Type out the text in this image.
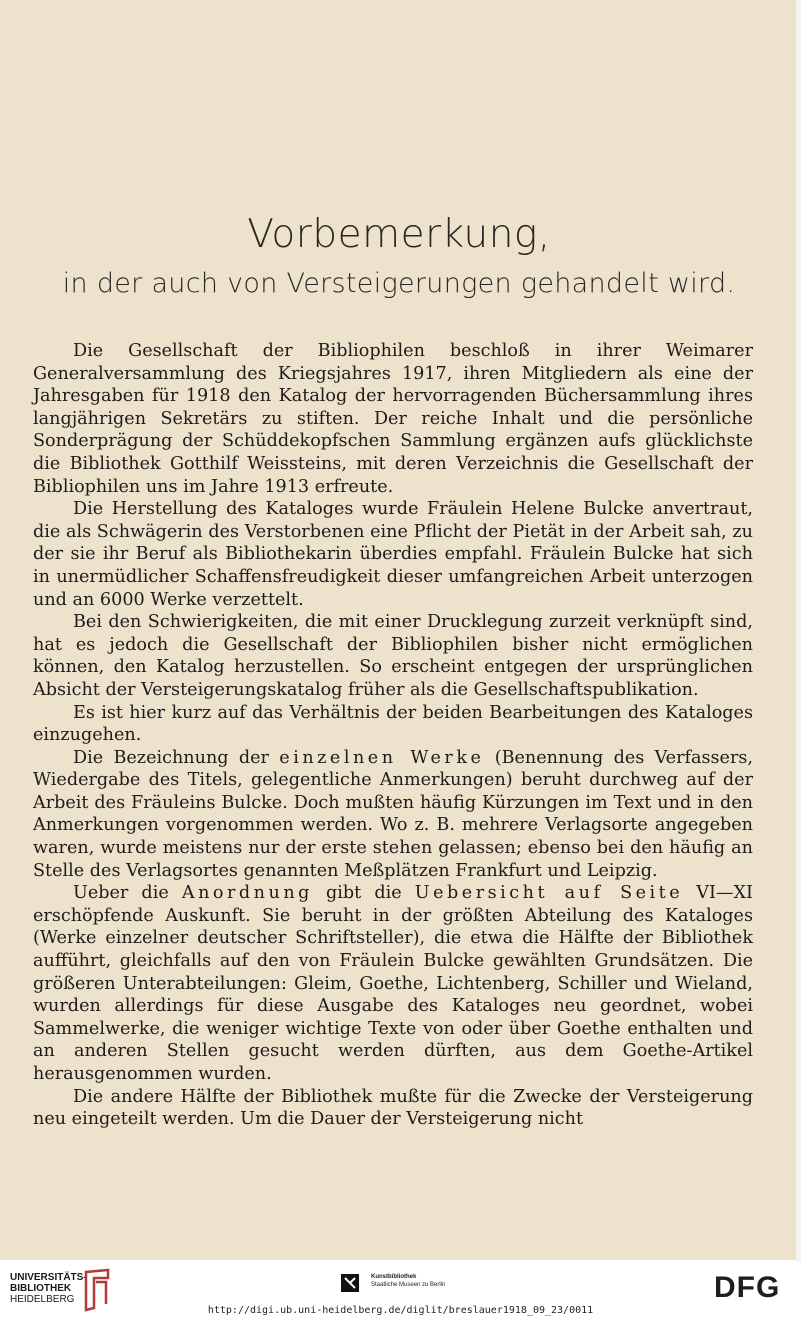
Vorbemerkung,
in der auch von Versteigerungen gehandelt wird.

Die Gesellschaft der Bibliophilen beschloß in ihrer Weimarer Generalversammlung des Kriegsjahres 1917, ihren Mitgliedern als eine der Jahresgaben für 1918 den Katalog der hervorragenden Büchersammlung ihres langjährigen Sekretärs zu stiften. Der reiche Inhalt und die persönliche Sonderprägung der Schüddekopfschen Sammlung ergänzen aufs glücklichste die Bibliothek Gotthilf Weissteins, mit deren Verzeichnis die Gesellschaft der Bibliophilen uns im Jahre 1913 erfreute.

Die Herstellung des Kataloges wurde Fräulein Helene Bulcke anvertraut, die als Schwägerin des Verstorbenen eine Pflicht der Pietät in der Arbeit sah, zu der sie ihr Beruf als Bibliothekarin überdies empfahl. Fräulein Bulcke hat sich in unermüdlicher Schaffensfreudigkeit dieser umfangreichen Arbeit unterzogen und an 6000 Werke verzettelt.

Bei den Schwierigkeiten, die mit einer Drucklegung zurzeit verknüpft sind, hat es jedoch die Gesellschaft der Bibliophilen bisher nicht ermöglichen können, den Katalog herzustellen. So erscheint entgegen der ursprünglichen Absicht der Versteigerungskatalog früher als die Gesellschaftspublikation.

Es ist hier kurz auf das Verhältnis der beiden Bearbeitungen des Kataloges einzugehen.

Die Bezeichnung der einzelnen Werke (Benennung des Verfassers, Wiedergabe des Titels, gelegentliche Anmerkungen) beruht durchweg auf der Arbeit des Fräuleins Bulcke. Doch mußten häufig Kürzungen im Text und in den Anmerkungen vorgenommen werden. Wo z. B. mehrere Verlagsorte angegeben waren, wurde meistens nur der erste stehen gelassen; ebenso bei den häufig an Stelle des Verlagsortes genannten Meßplätzen Frankfurt und Leipzig.

Ueber die Anordnung gibt die Uebersicht auf Seite VI—XI erschöpfende Auskunft. Sie beruht in der größten Abteilung des Kataloges (Werke einzelner deutscher Schriftsteller), die etwa die Hälfte der Bibliothek aufführt, gleichfalls auf den von Fräulein Bulcke gewählten Grundsätzen. Die größeren Unterabteilungen: Gleim, Goethe, Lichtenberg, Schiller und Wieland, wurden allerdings für diese Ausgabe des Kataloges neu geordnet, wobei Sammelwerke, die weniger wichtige Texte von oder über Goethe enthalten und an anderen Stellen gesucht werden dürften, aus dem Goethe-Artikel herausgenommen wurden.

Die andere Hälfte der Bibliothek mußte für die Zwecke der Versteigerung neu eingeteilt werden. Um die Dauer der Versteigerung nicht

UNIVERSITÄTS-
BIBLIOTHEK
HEIDELBERG
Kunstbibliothek
Staatliche Museen zu Berlin	DFG
http://digi.ub.uni-heidelberg.de/diglit/breslauer1918_09_23/0011
